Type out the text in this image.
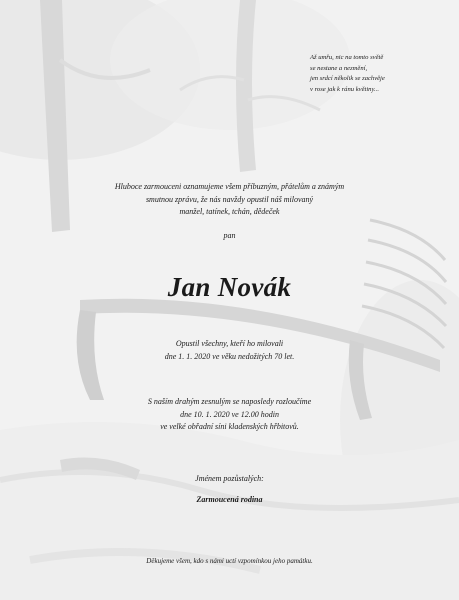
Až umřu, nic na tomto světě
se nestane a nezmění,
jen srdcí několik se zachvěje
v rose jak k ránu květiny...
Hluboce zarmouceni oznamujeme všem příbuzným, přátelům a známým
smutnou zprávu, že nás navždy opustil náš milovaný
manžel, tatínek, tchán, dědeček
pan
Jan Novák
Opustil všechny, kteří ho milovali
dne 1. 1. 2020 ve věku nedožitých 70 let.
S naším drahým zesnulým se naposledy rozloučíme
dne 10. 1. 2020 ve 12.00 hodin
ve velké obřadní síni kladenských hřbitovů.
Jménem pozůstalých:
Zarmoucená rodina
Děkujeme všem, kdo s námi uctí vzpomínkou jeho památku.
